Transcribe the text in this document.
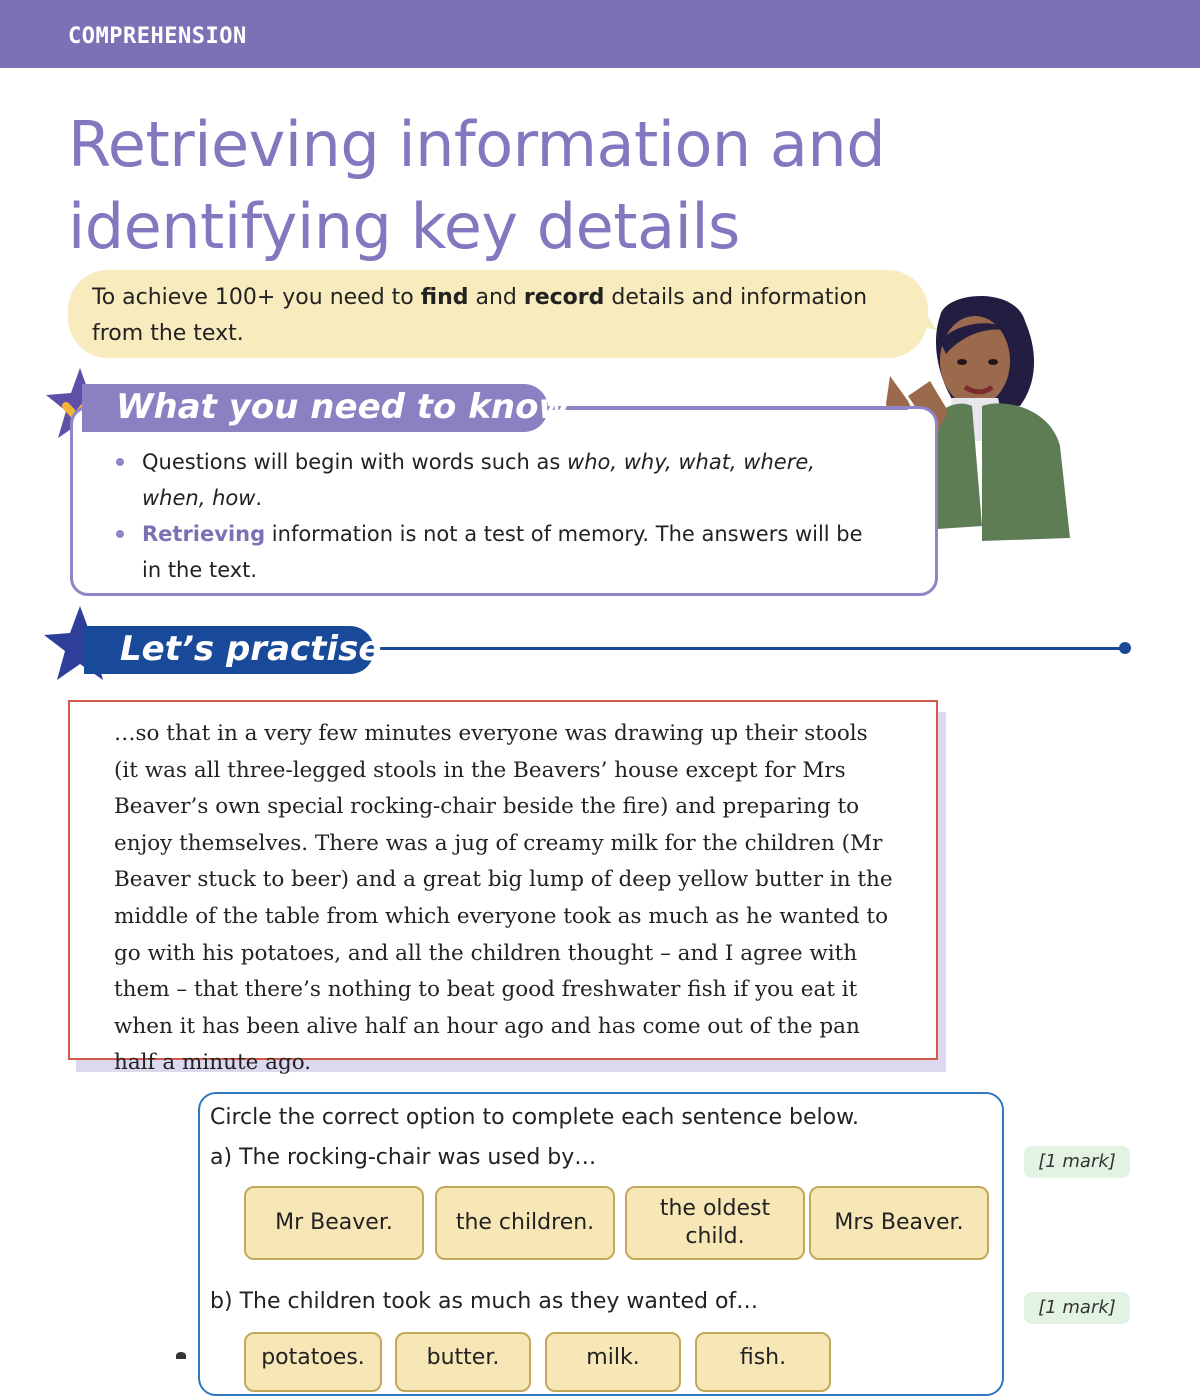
COMPREHENSION
Retrieving information and
identifying key details
To achieve 100+ you need to find and record details and information from the text.
What you need to know
Questions will begin with words such as who, why, what, where, when, how.
Retrieving information is not a test of memory. The answers will be in the text.
Let’s practise
…so that in a very few minutes everyone was drawing up their stools (it was all three-legged stools in the Beavers’ house except for Mrs Beaver’s own special rocking-chair beside the fire) and preparing to enjoy themselves. There was a jug of creamy milk for the children (Mr Beaver stuck to beer) and a great big lump of deep yellow butter in the middle of the table from which everyone took as much as he wanted to go with his potatoes, and all the children thought – and I agree with them – that there’s nothing to beat good freshwater fish if you eat it when it has been alive half an hour ago and has come out of the pan half a minute ago.
Circle the correct option to complete each sentence below.
a) The rocking-chair was used by…	[1 mark]
Mr Beaver.	the children.
the oldest child.
Mrs Beaver.
b) The children took as much as they wanted of…	[1 mark]
potatoes.	butter.	milk.	fish.
